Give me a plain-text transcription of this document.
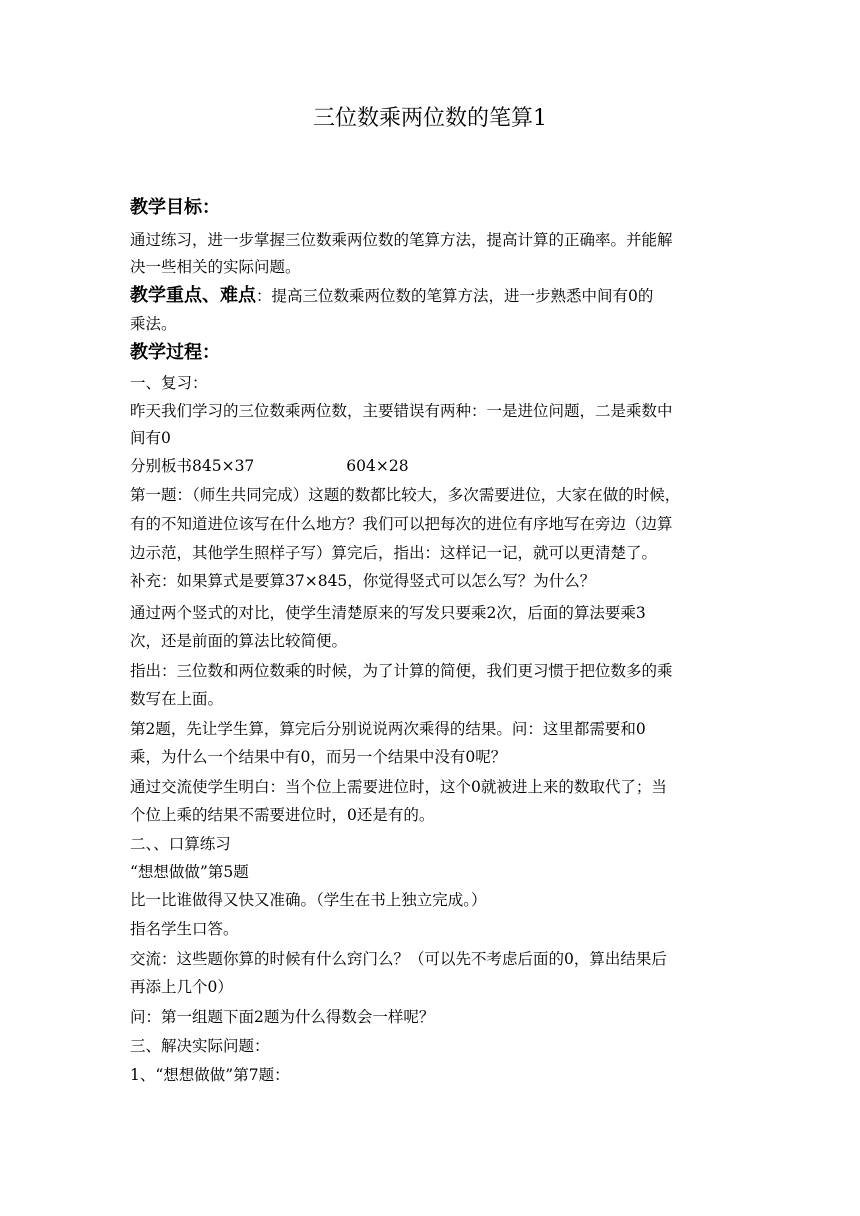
三位数乘两位数的笔算1
教学目标：
通过练习，进一步掌握三位数乘两位数的笔算方法，提高计算的正确率。并能解
决一些相关的实际问题。
教学重点、难点：提高三位数乘两位数的笔算方法，进一步熟悉中间有0的
乘法。
教学过程：
一、复习：
昨天我们学习的三位数乘两位数，主要错误有两种：一是进位问题，二是乘数中
间有0
分别板书845×37	604×28
第一题：（师生共同完成）这题的数都比较大，多次需要进位，大家在做的时候，
有的不知道进位该写在什么地方？我们可以把每次的进位有序地写在旁边（边算
边示范，其他学生照样子写）算完后，指出：这样记一记，就可以更清楚了。
补充：如果算式是要算37×845，你觉得竖式可以怎么写？为什么？
通过两个竖式的对比，使学生清楚原来的写发只要乘2次，后面的算法要乘3
次，还是前面的算法比较简便。
指出：三位数和两位数乘的时候，为了计算的简便，我们更习惯于把位数多的乘
数写在上面。
第2题，先让学生算，算完后分别说说两次乘得的结果。问：这里都需要和0
乘，为什么一个结果中有0，而另一个结果中没有0呢？
通过交流使学生明白：当个位上需要进位时，这个0就被进上来的数取代了；当
个位上乘的结果不需要进位时，0还是有的。
二、、口算练习
“想想做做”第5题
比一比谁做得又快又准确。（学生在书上独立完成。）
指名学生口答。
交流：这些题你算的时候有什么窍门么？（可以先不考虑后面的0，算出结果后
再添上几个0）
问：第一组题下面2题为什么得数会一样呢？
三、解决实际问题：
1、“想想做做”第7题：
